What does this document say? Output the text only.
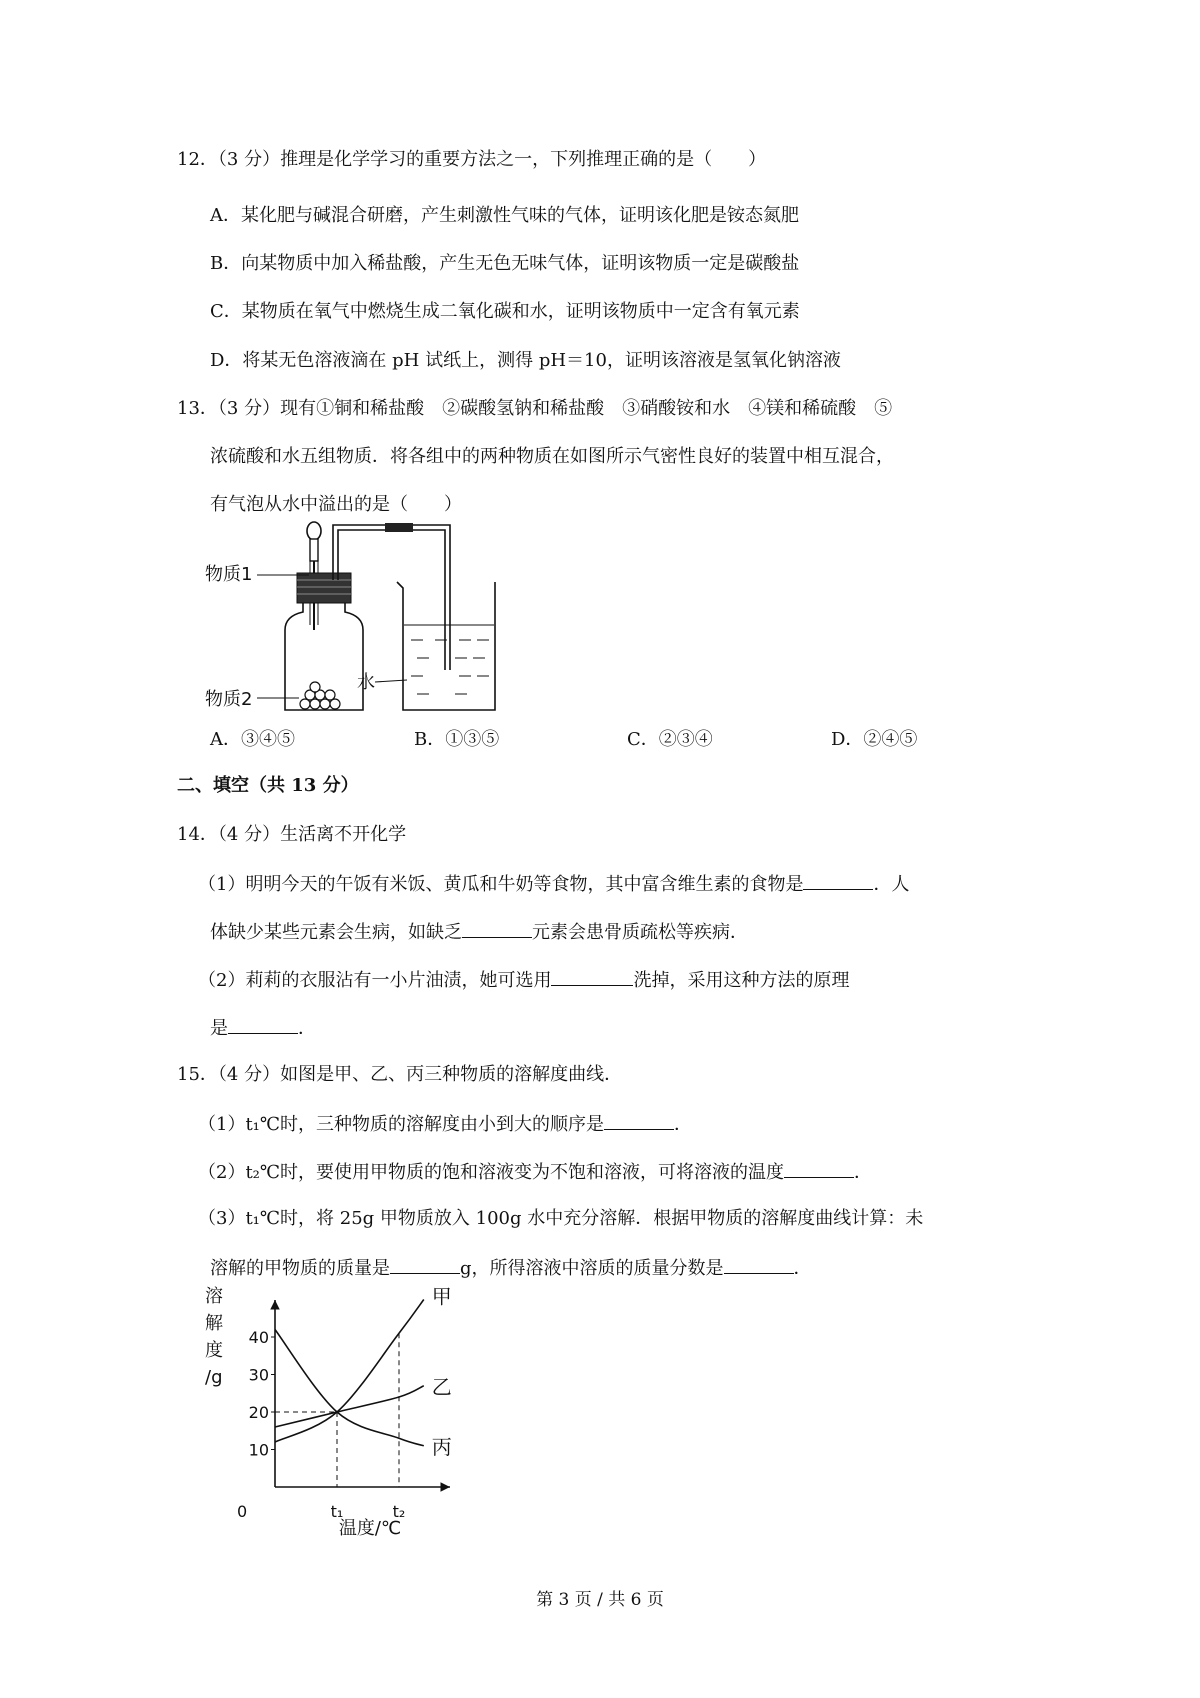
12．（3 分）推理是化学学习的重要方法之一，下列推理正确的是（　　）
A．某化肥与碱混合研磨，产生刺激性气味的气体，证明该化肥是铵态氮肥
B．向某物质中加入稀盐酸，产生无色无味气体，证明该物质一定是碳酸盐
C．某物质在氧气中燃烧生成二氧化碳和水，证明该物质中一定含有氧元素
D．将某无色溶液滴在 pH 试纸上，测得 pH＝10，证明该溶液是氢氧化钠溶液
13．（3 分）现有①铜和稀盐酸　②碳酸氢钠和稀盐酸　③硝酸铵和水　④镁和稀硫酸　⑤
浓硫酸和水五组物质．将各组中的两种物质在如图所示气密性良好的装置中相互混合，
有气泡从水中溢出的是（　　）
物质1
物质2
水
A．③④⑤	B．①③⑤	C．②③④	D．②④⑤
二、填空（共 13 分）
14．（4 分）生活离不开化学
（1）明明今天的午饭有米饭、黄瓜和牛奶等食物，其中富含维生素的食物是	．人
体缺少某些元素会生病，如缺乏	元素会患骨质疏松等疾病．
（2）莉莉的衣服沾有一小片油渍，她可选用	洗掉，采用这种方法的原理
是	．
15．（4 分）如图是甲、乙、丙三种物质的溶解度曲线．
（1）t₁℃时，三种物质的溶解度由小到大的顺序是	．
（2）t₂℃时，要使用甲物质的饱和溶液变为不饱和溶液，可将溶液的温度	．
（3）t₁℃时，将 25g 甲物质放入 100g 水中充分溶解．根据甲物质的溶解度曲线计算：未
溶解的甲物质的质量是	g，所得溶液中溶质的质量分数是	．
溶
解
度
/g
10
20
30
40
0	t₁	t₂
甲
乙
丙
温度/℃
第 3 页 / 共 6 页
